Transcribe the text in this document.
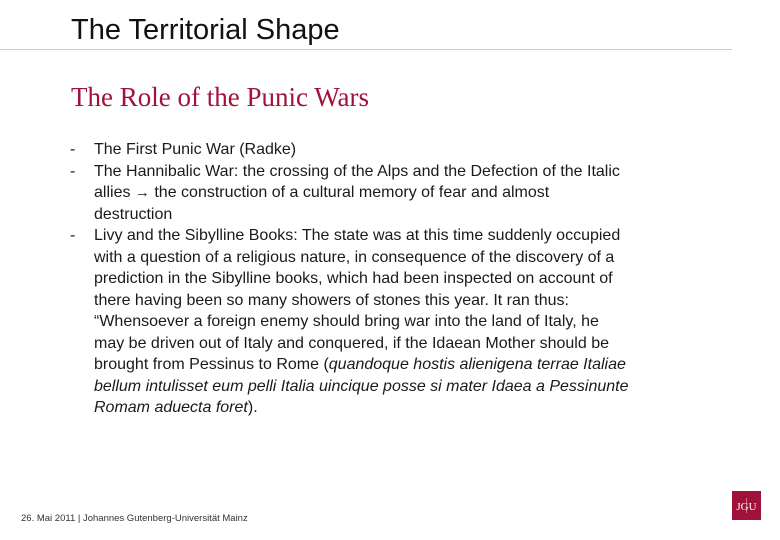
The Territorial Shape
The Role of the Punic Wars
- The First Punic War (Radke)
- The Hannibalic War: the crossing of the Alps and the Defection of the Italic allies → the construction of a cultural memory of fear and almost destruction
- Livy and the Sibylline Books: The state was at this time suddenly occupied with a question of a religious nature, in consequence of the discovery of a prediction in the Sibylline books, which had been inspected on account of there having been so many showers of stones this year. It ran thus: “Whensoever a foreign enemy should bring war into the land of Italy, he may be driven out of Italy and conquered, if the Idaean Mother should be brought from Pessinus to Rome (quandoque hostis alienigena terrae Italiae bellum intulisset eum pelli Italia uincique posse si mater Idaea a Pessinunte Romam aduecta foret).
26. Mai 2011 | Johannes Gutenberg-Universität Mainz
JGU
